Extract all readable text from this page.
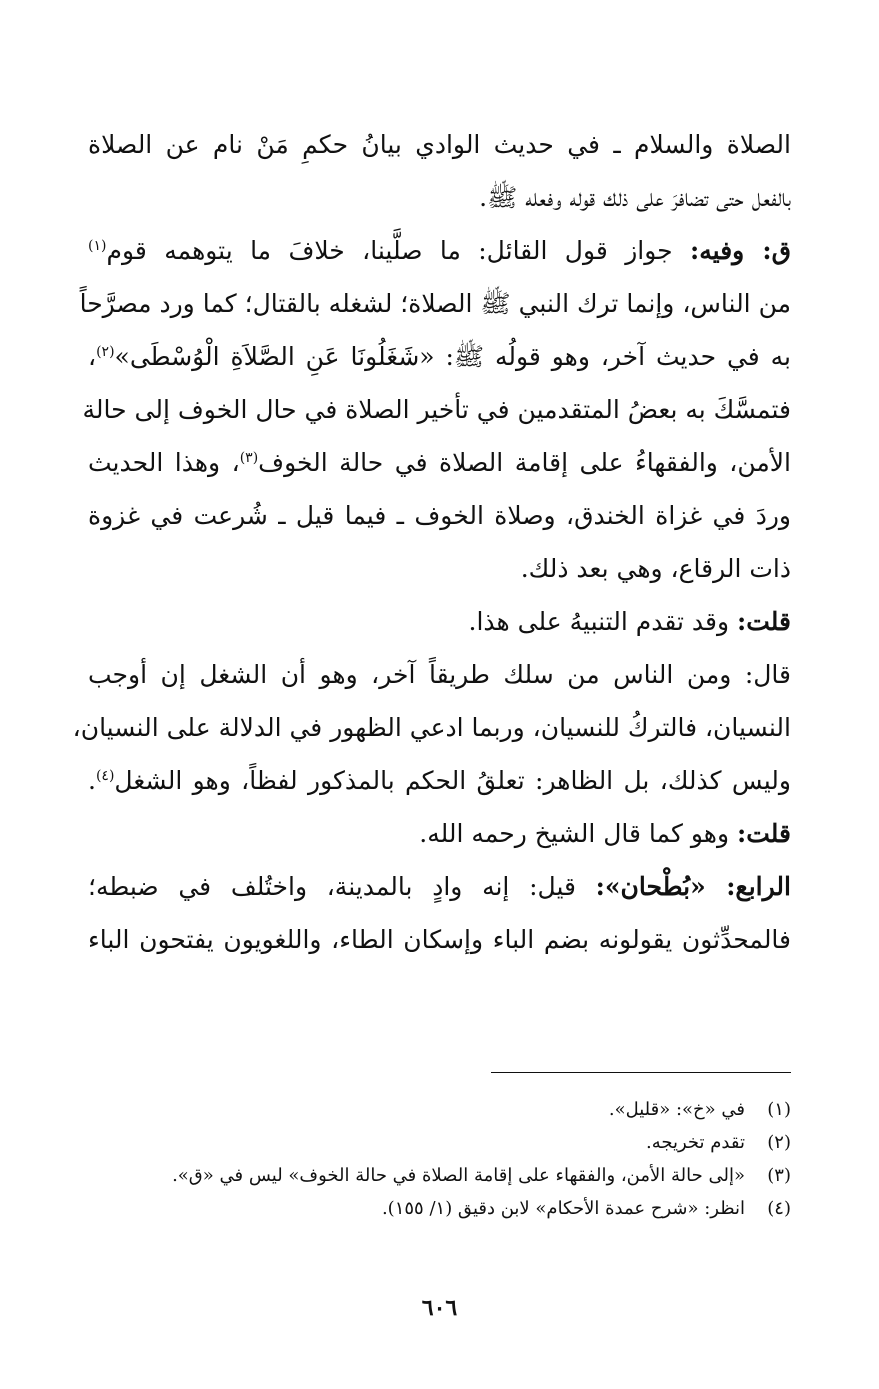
الصلاة والسلام ـ في حديث الوادي بيانُ حكمِ مَنْ نام عن الصلاة
بالفعل حتى تضافرَ على ذلك قوله وفعله ﷺ.
ق: وفيه: جواز قول القائل: ما صلَّينا، خلافَ ما يتوهمه قوم$^{(١)}$
من الناس، وإنما ترك النبي ﷺ الصلاة؛ لشغله بالقتال؛ كما ورد مصرَّحاً
به في حديث آخر، وهو قولُه ﷺ: «شَغَلُونَا عَنِ الصَّلاَةِ الْوُسْطَى»$^{(٢)}$،
فتمسَّكَ به بعضُ المتقدمين في تأخير الصلاة في حال الخوف إلى حالة
الأمن، والفقهاءُ على إقامة الصلاة في حالة الخوف$^{(٣)}$، وهذا الحديث
وردَ في غزاة الخندق، وصلاة الخوف ـ فيما قيل ـ شُرعت في غزوة
ذات الرقاع، وهي بعد ذلك.
قلت: وقد تقدم التنبيهُ على هذا.
قال: ومن الناس من سلك طريقاً آخر، وهو أن الشغل إن أوجب
النسيان، فالتركُ للنسيان، وربما ادعي الظهور في الدلالة على النسيان،
وليس كذلك، بل الظاهر: تعلقُ الحكم بالمذكور لفظاً، وهو الشغل$^{(٤)}$.
قلت: وهو كما قال الشيخ رحمه الله.
الرابع: «بُطْحان»: قيل: إنه وادٍ بالمدينة، واختُلف في ضبطه؛
فالمحدِّثون يقولونه بضم الباء وإسكان الطاء، واللغويون يفتحون الباء
(١)
في «خ»: «قليل».
(٢)
تقدم تخريجه.
(٣)
«إلى حالة الأمن، والفقهاء على إقامة الصلاة في حالة الخوف» ليس في «ق».
(٤)
انظر: «شرح عمدة الأحكام» لابن دقيق (١/ ١٥٥).
٦٠٦
